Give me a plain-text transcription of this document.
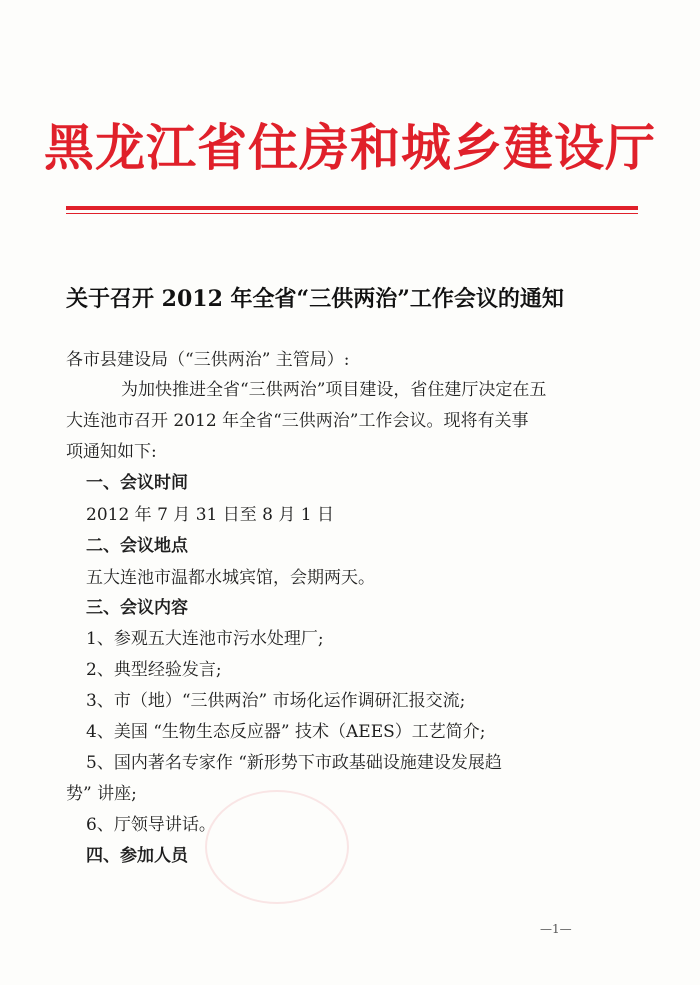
黑龙江省住房和城乡建设厅
关于召开 2012 年全省“三供两治”工作会议的通知
各市县建设局（“三供两治” 主管局）:
为加快推进全省“三供两治”项目建设，省住建厅决定在五
大连池市召开 2012 年全省“三供两治”工作会议。现将有关事
项通知如下:
一、会议时间
2012 年 7 月 31 日至 8 月 1 日
二、会议地点
五大连池市温都水城宾馆，会期两天。
三、会议内容
1、参观五大连池市污水处理厂;
2、典型经验发言;
3、市（地）“三供两治” 市场化运作调研汇报交流;
4、美国 “生物生态反应器” 技术（AEES）工艺简介;
5、国内著名专家作 “新形势下市政基础设施建设发展趋
势” 讲座;
6、厅领导讲话。
四、参加人员
—1—
